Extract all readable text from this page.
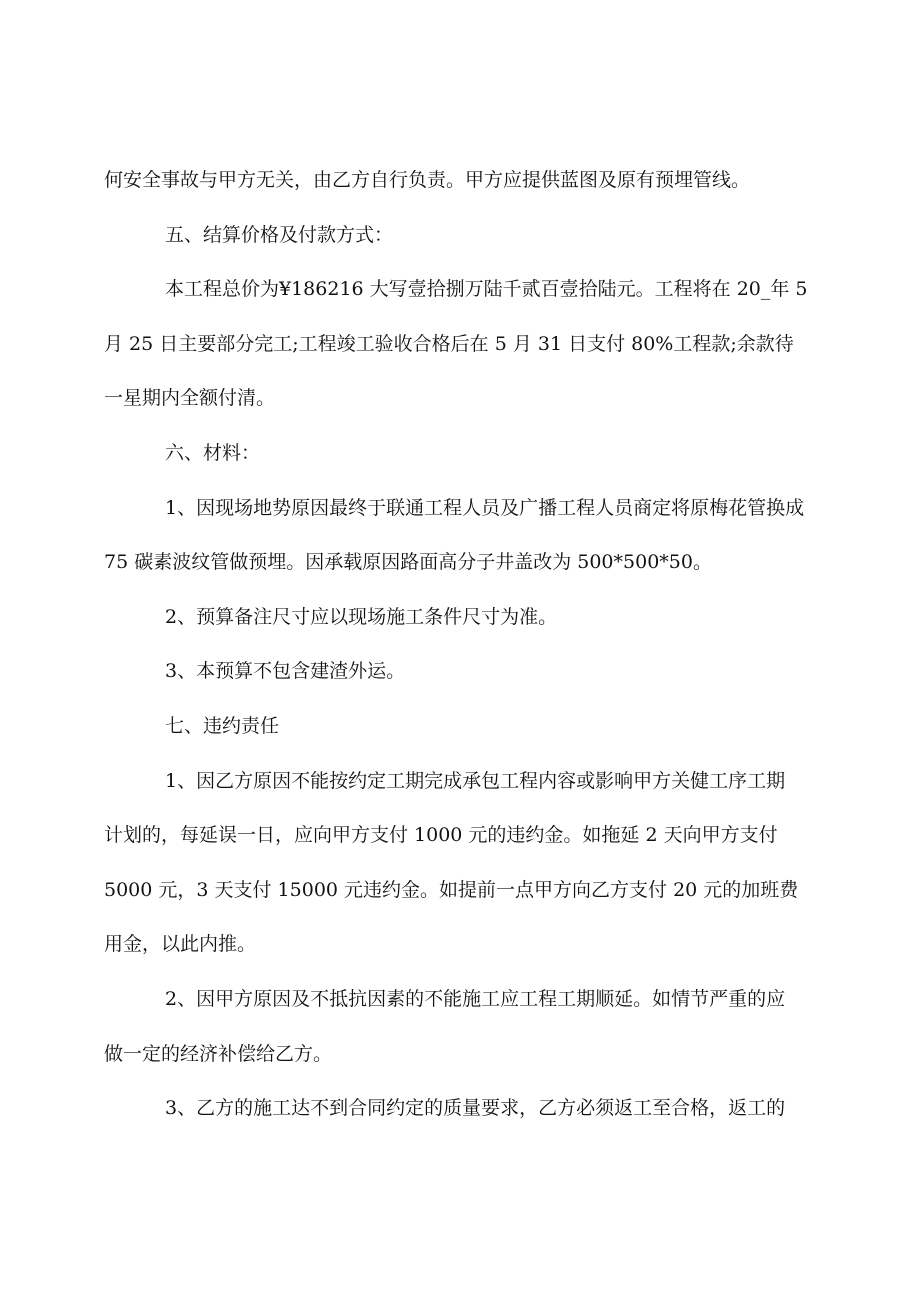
何安全事故与甲方无关，由乙方自行负责。甲方应提供蓝图及原有预埋管线。
五、结算价格及付款方式：
本工程总价为¥186216 大写壹拾捌万陆千贰百壹拾陆元。工程将在 20_年 5
月 25 日主要部分完工;工程竣工验收合格后在 5 月 31 日支付 80%工程款;余款待
一星期内全额付清。
六、材料：
1、因现场地势原因最终于联通工程人员及广播工程人员商定将原梅花管换成
75 碳素波纹管做预埋。因承载原因路面高分子井盖改为 500*500*50。
2、预算备注尺寸应以现场施工条件尺寸为准。
3、本预算不包含建渣外运。
七、违约责任
1、因乙方原因不能按约定工期完成承包工程内容或影响甲方关健工序工期
计划的，每延误一日，应向甲方支付 1000 元的违约金。如拖延 2 天向甲方支付
5000 元，3 天支付 15000 元违约金。如提前一点甲方向乙方支付 20 元的加班费
用金，以此内推。
2、因甲方原因及不抵抗因素的不能施工应工程工期顺延。如情节严重的应
做一定的经济补偿给乙方。
3、乙方的施工达不到合同约定的质量要求，乙方必须返工至合格，返工的
